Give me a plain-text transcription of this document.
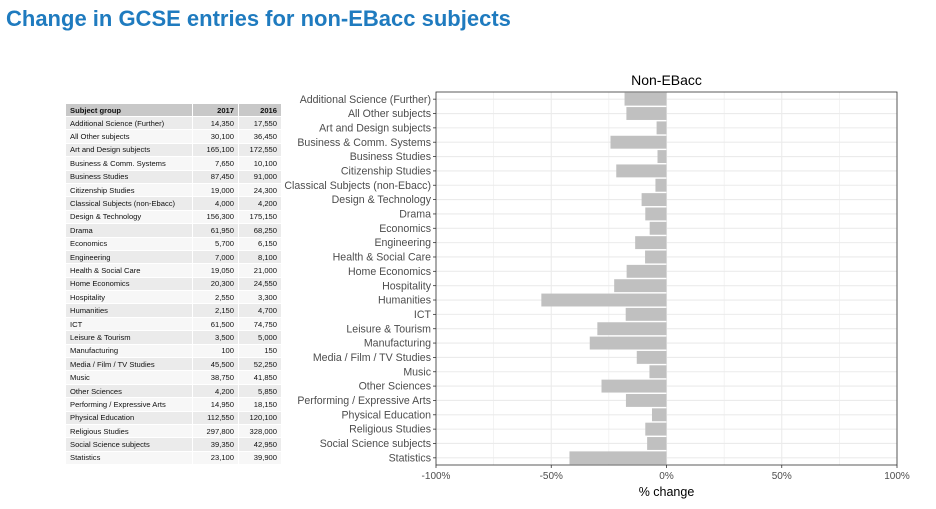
Change in GCSE entries for non-EBacc subjects
Subject group	2017	2016
Additional Science (Further)	14,350	17,550
All Other subjects	30,100	36,450
Art and Design subjects	165,100	172,550
Business & Comm. Systems	7,650	10,100
Business Studies	87,450	91,000
Citizenship Studies	19,000	24,300
Classical Subjects (non-Ebacc)	4,000	4,200
Design & Technology	156,300	175,150
Drama	61,950	68,250
Economics	5,700	6,150
Engineering	7,000	8,100
Health & Social Care	19,050	21,000
Home Economics	20,300	24,550
Hospitality	2,550	3,300
Humanities	2,150	4,700
ICT	61,500	74,750
Leisure & Tourism	3,500	5,000
Manufacturing	100	150
Media / Film / TV Studies	45,500	52,250
Music	38,750	41,850
Other Sciences	4,200	5,850
Performing / Expressive Arts	14,950	18,150
Physical Education	112,550	120,100
Religious Studies	297,800	328,000
Social Science subjects	39,350	42,950
Statistics	23,100	39,900
Additional Science (Further)
All Other subjects
Art and Design subjects
Business & Comm. Systems
Business Studies
Citizenship Studies
Classical Subjects (non-Ebacc)
Design & Technology
Drama
Economics
Engineering
Health & Social Care
Home Economics
Hospitality
Humanities
ICT
Leisure & Tourism
Manufacturing
Media / Film / TV Studies
Music
Other Sciences
Performing / Expressive Arts
Physical Education
Religious Studies
Social Science subjects
Statistics
-100%	-50%	0%	50%	100%
Non-EBacc
% change
